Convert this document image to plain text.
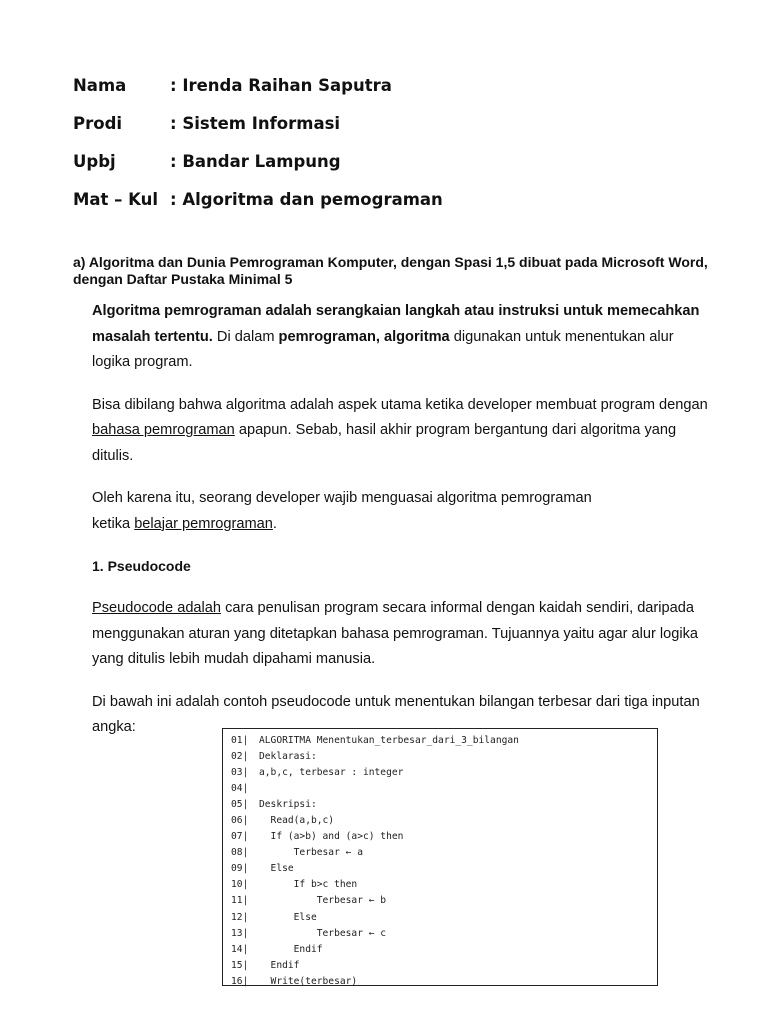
Nama	: Irenda Raihan Saputra
Prodi	: Sistem Informasi
Upbj	: Bandar Lampung
Mat – Kul : Algoritma dan pemograman
a) Algoritma dan Dunia Pemrograman Komputer, dengan Spasi 1,5 dibuat pada Microsoft Word, dengan Daftar Pustaka Minimal 5

Algoritma pemrograman adalah serangkaian langkah atau instruksi untuk memecahkan masalah tertentu. Di dalam pemrograman, algoritma digunakan untuk menentukan alur logika program.

Bisa dibilang bahwa algoritma adalah aspek utama ketika developer membuat program dengan bahasa pemrograman apapun. Sebab, hasil akhir program bergantung dari algoritma yang ditulis.

Oleh karena itu, seorang developer wajib menguasai algoritma pemrograman
ketika belajar pemrograman.

1. Pseudocode

Pseudocode adalah cara penulisan program secara informal dengan kaidah sendiri, daripada menggunakan aturan yang ditetapkan bahasa pemrograman. Tujuannya yaitu agar alur logika yang ditulis lebih mudah dipahami manusia.

Di bawah ini adalah contoh pseudocode untuk menentukan bilangan terbesar dari tiga inputan angka:

01|	ALGORITMA Menentukan_terbesar_dari_3_bilangan
02|	Deklarasi:
03|	a,b,c, terbesar : integer
04|
05|	Deskripsi:
06|	Read(a,b,c)
07|	If (a>b) and (a>c) then
08|	Terbesar ← a
09|	Else
10|	If b>c then
11|	Terbesar ← b
12|	Else
13|	Terbesar ← c
14|	Endif
15|	Endif
16|	Write(terbesar)
